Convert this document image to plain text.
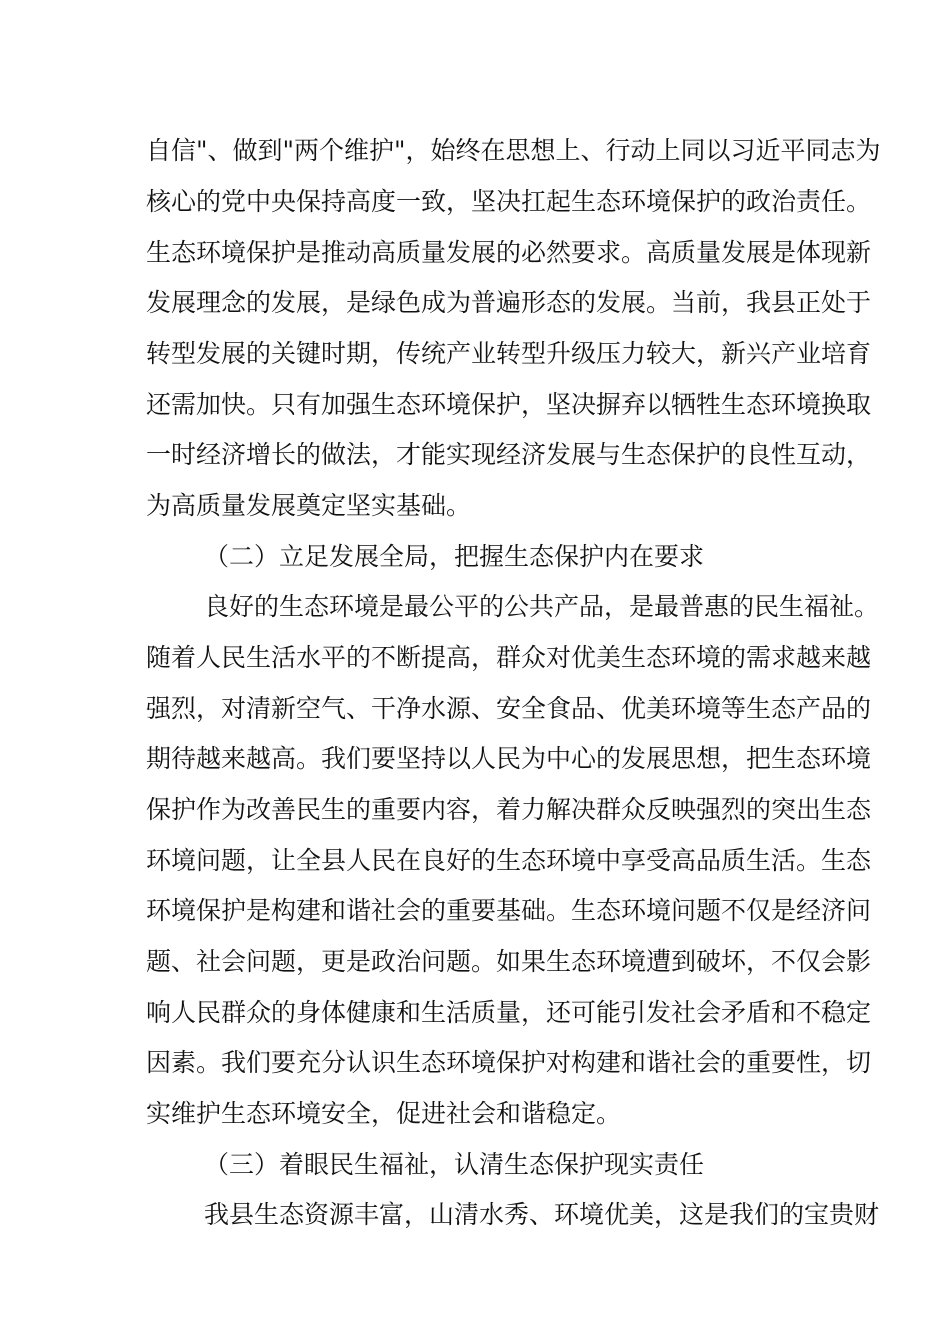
自信"、做到"两个维护"，始终在思想上、行动上同以习近平同志为
核心的党中央保持高度一致，坚决扛起生态环境保护的政治责任。
生态环境保护是推动高质量发展的必然要求。高质量发展是体现新
发展理念的发展，是绿色成为普遍形态的发展。当前，我县正处于
转型发展的关键时期，传统产业转型升级压力较大，新兴产业培育
还需加快。只有加强生态环境保护，坚决摒弃以牺牲生态环境换取
一时经济增长的做法，才能实现经济发展与生态保护的良性互动，
为高质量发展奠定坚实基础。
（二）立足发展全局，把握生态保护内在要求
良好的生态环境是最公平的公共产品，是最普惠的民生福祉。
随着人民生活水平的不断提高，群众对优美生态环境的需求越来越
强烈，对清新空气、干净水源、安全食品、优美环境等生态产品的
期待越来越高。我们要坚持以人民为中心的发展思想，把生态环境
保护作为改善民生的重要内容，着力解决群众反映强烈的突出生态
环境问题，让全县人民在良好的生态环境中享受高品质生活。生态
环境保护是构建和谐社会的重要基础。生态环境问题不仅是经济问
题、社会问题，更是政治问题。如果生态环境遭到破坏，不仅会影
响人民群众的身体健康和生活质量，还可能引发社会矛盾和不稳定
因素。我们要充分认识生态环境保护对构建和谐社会的重要性，切
实维护生态环境安全，促进社会和谐稳定。
（三）着眼民生福祉，认清生态保护现实责任
我县生态资源丰富，山清水秀、环境优美，这是我们的宝贵财
